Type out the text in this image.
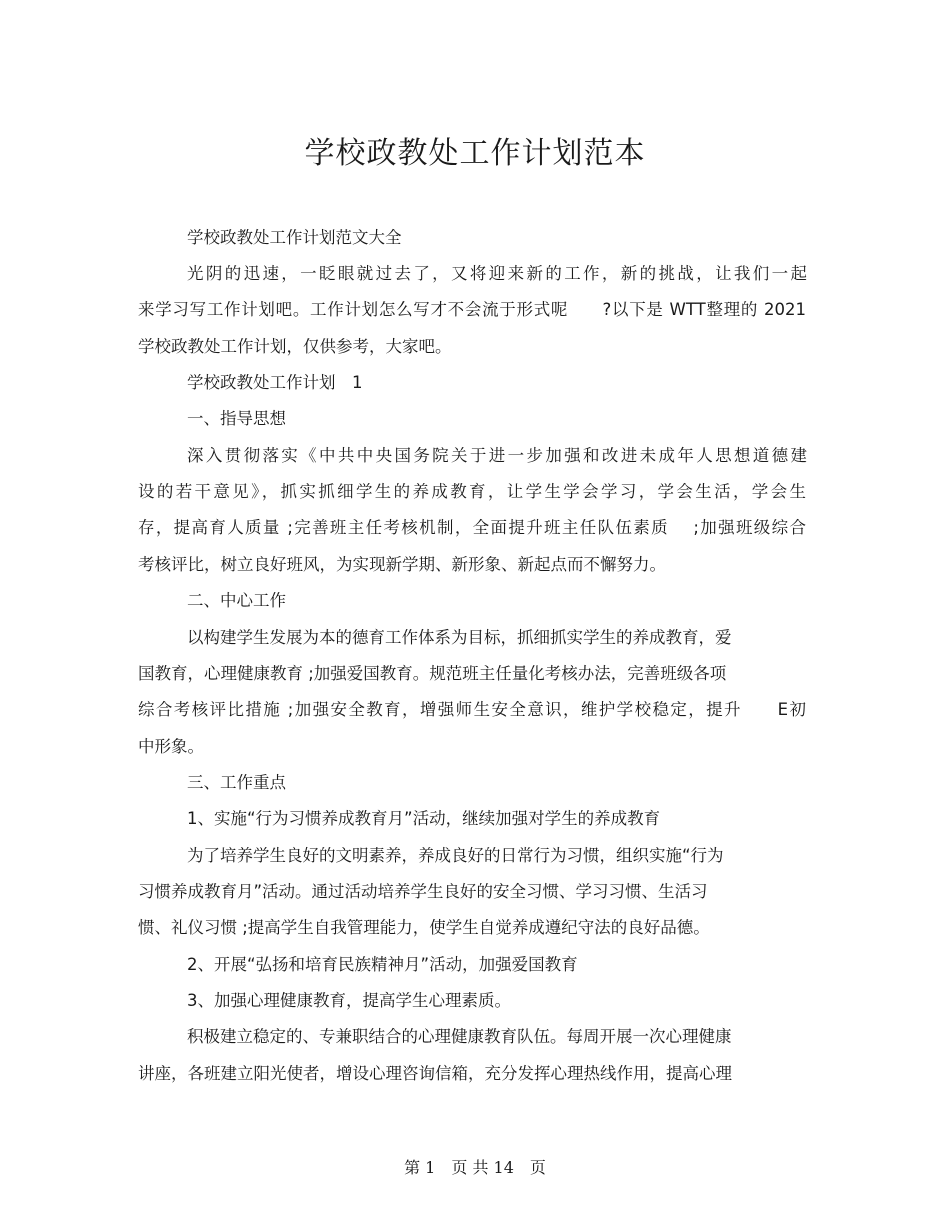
学校政教处工作计划范本
学校政教处工作计划范文大全
光阴的迅速，一眨眼就过去了，又将迎来新的工作，新的挑战，让我们一起
来学习写工作计划吧。工作计划怎么写才不会流于形式呢　　?以下是 WTT整理的 2021
学校政教处工作计划，仅供参考，大家吧。
学校政教处工作计划　1
一、指导思想
深入贯彻落实《中共中央国务院关于进一步加强和改进未成年人思想道德建
设的若干意见》，抓实抓细学生的养成教育，让学生学会学习，学会生活，学会生
存，提高育人质量 ;完善班主任考核机制，全面提升班主任队伍素质　 ;加强班级综合
考核评比，树立良好班风，为实现新学期、新形象、新起点而不懈努力。
二、中心工作
以构建学生发展为本的德育工作体系为目标，抓细抓实学生的养成教育，爱
国教育，心理健康教育 ;加强爱国教育。规范班主任量化考核办法，完善班级各项
综合考核评比措施 ;加强安全教育，增强师生安全意识，维护学校稳定，提升　　E初
中形象。
三、工作重点
1、实施“行为习惯养成教育月”活动，继续加强对学生的养成教育
为了培养学生良好的文明素养，养成良好的日常行为习惯，组织实施“行为
习惯养成教育月”活动。通过活动培养学生良好的安全习惯、学习习惯、生活习
惯、礼仪习惯 ;提高学生自我管理能力，使学生自觉养成遵纪守法的良好品德。
2、开展“弘扬和培育民族精神月”活动，加强爱国教育
3、加强心理健康教育，提高学生心理素质。
积极建立稳定的、专兼职结合的心理健康教育队伍。每周开展一次心理健康
讲座，各班建立阳光使者，增设心理咨询信箱，充分发挥心理热线作用，提高心理
第 1　页 共 14　页
